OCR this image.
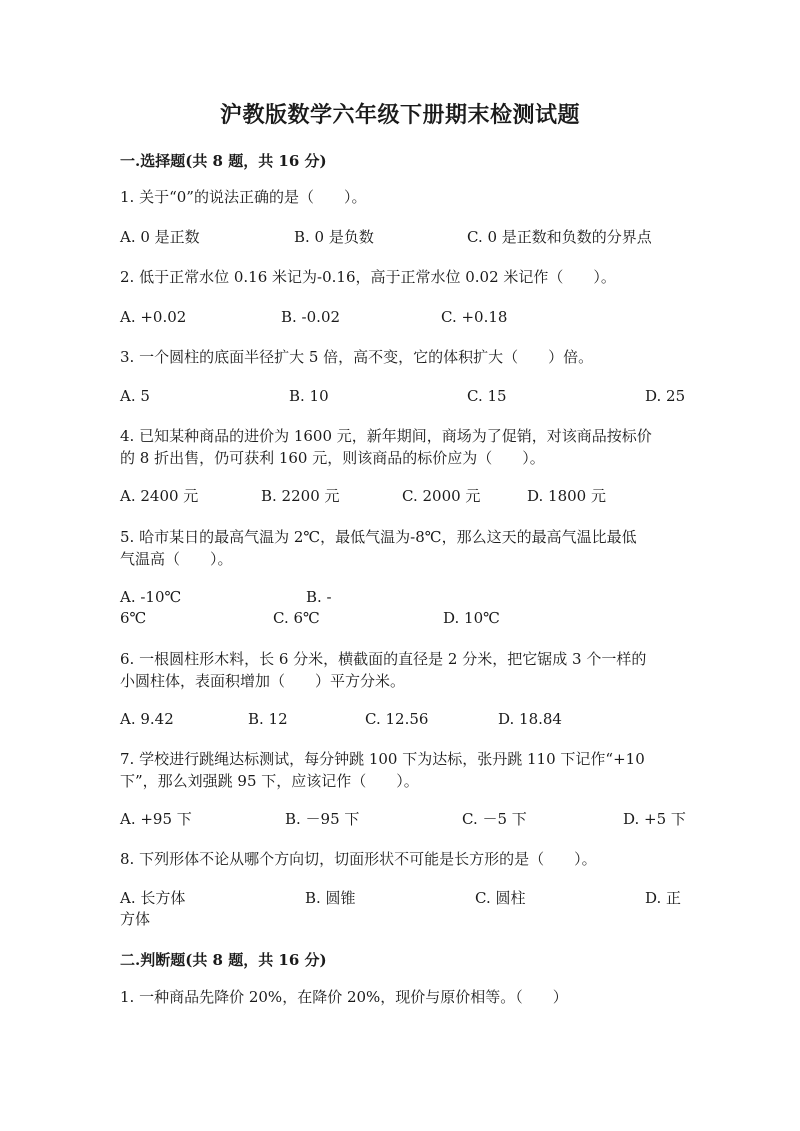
沪教版数学六年级下册期末检测试题
一.选择题(共 8 题，共 16 分)
1. 关于“0”的说法正确的是（　　）。
A. 0 是正数	B. 0 是负数	C. 0 是正数和负数的分界点
2. 低于正常水位 0.16 米记为-0.16，高于正常水位 0.02 米记作（　　）。
A. +0.02	B. -0.02	C. +0.18
3. 一个圆柱的底面半径扩大 5 倍，高不变，它的体积扩大（　　）倍。
A. 5	B. 10	C. 15	D. 25
4. 已知某种商品的进价为 1600 元，新年期间，商场为了促销，对该商品按标价
的 8 折出售，仍可获利 160 元，则该商品的标价应为（　　）。
A. 2400 元	B. 2200 元	C. 2000 元	D. 1800 元
5. 哈市某日的最高气温为 2℃，最低气温为-8℃，那么这天的最高气温比最低
气温高（　　）。
A. -10℃	B. -
6℃	C. 6℃	D. 10℃
6. 一根圆柱形木料，长 6 分米，横截面的直径是 2 分米，把它锯成 3 个一样的
小圆柱体，表面积增加（　　）平方分米。
A. 9.42	B. 12	C. 12.56	D. 18.84
7. 学校进行跳绳达标测试，每分钟跳 100 下为达标，张丹跳 110 下记作“+10
下”，那么刘强跳 95 下，应该记作（　　）。
A. +95 下	B. －95 下	C. －5 下	D. +5 下
8. 下列形体不论从哪个方向切，切面形状不可能是长方形的是（　　）。
A. 长方体	B. 圆锥	C. 圆柱	D. 正
方体
二.判断题(共 8 题，共 16 分)
1. 一种商品先降价 20%，在降价 20%，现价与原价相等。（　　）
